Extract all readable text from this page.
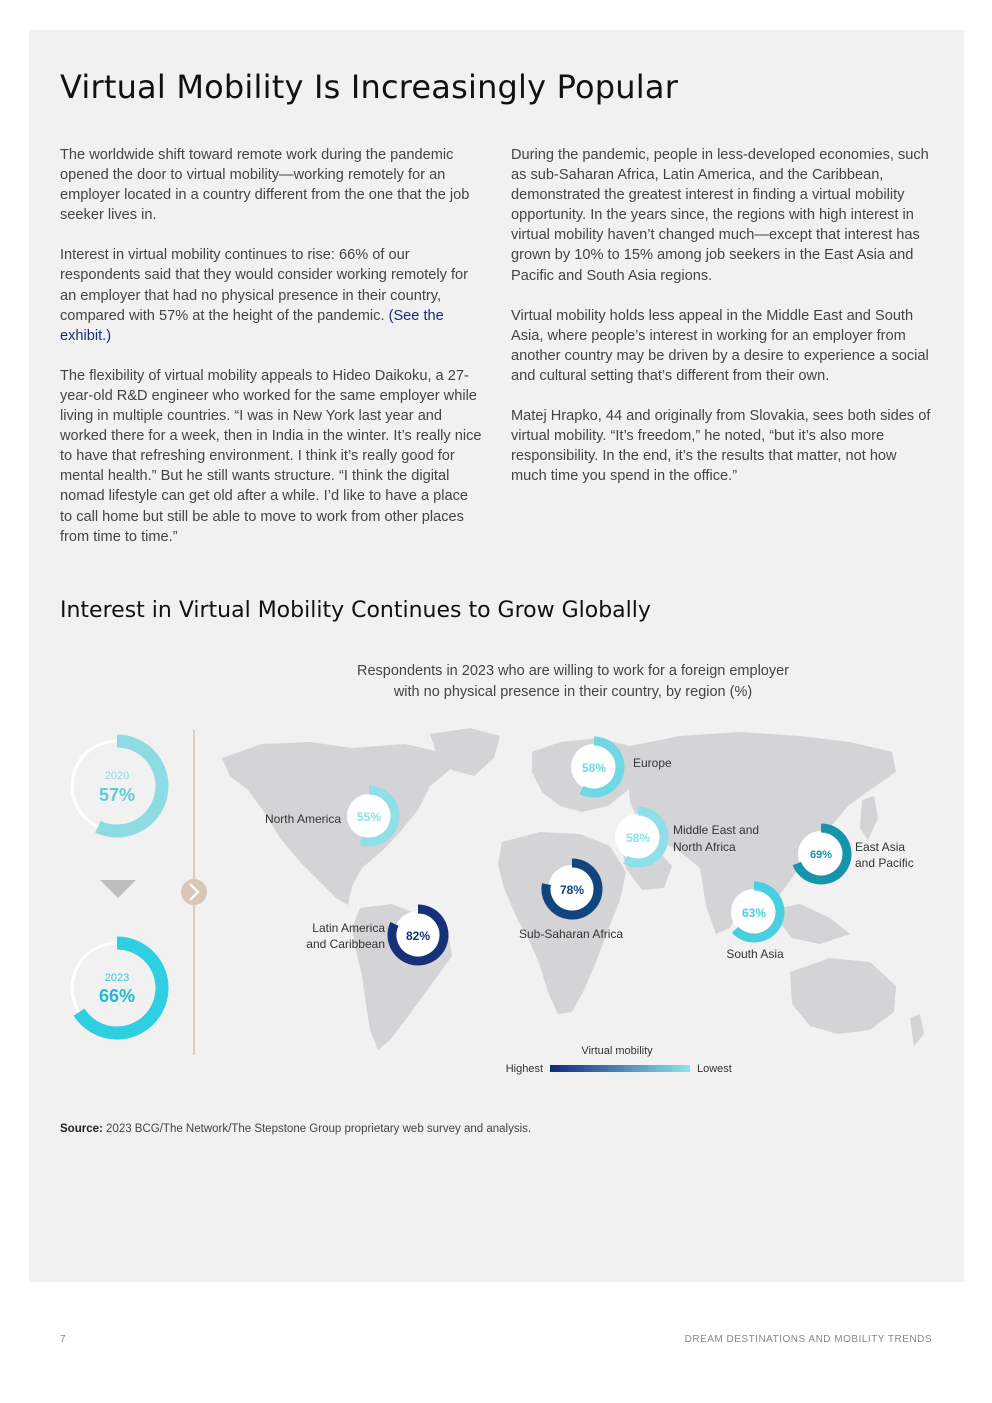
Virtual Mobility Is Increasingly Popular

The worldwide shift toward remote work during the pandemic opened the door to virtual mobility—working remotely for an employer located in a country different from the one that the job seeker lives in.

Interest in virtual mobility continues to rise: 66% of our respondents said that they would consider working remotely for an employer that had no physical presence in their country, compared with 57% at the height of the pandemic. (See the exhibit.)

The flexibility of virtual mobility appeals to Hideo Daikoku, a 27-year-old R&D engineer who worked for the same employer while living in multiple countries. “I was in New York last year and worked there for a week, then in India in the winter. It’s really nice to have that refreshing environment. I think it’s really good for mental health.” But he still wants structure. “I think the digital nomad lifestyle can get old after a while. I’d like to have a place to call home but still be able to move to work from other places from time to time.”

During the pandemic, people in less-developed economies, such as sub-Saharan Africa, Latin America, and the Caribbean, demonstrated the greatest interest in finding a virtual mobility opportunity. In the years since, the regions with high interest in virtual mobility haven’t changed much—except that interest has grown by 10% to 15% among job seekers in the East Asia and Pacific and South Asia regions.

Virtual mobility holds less appeal in the Middle East and South Asia, where people’s interest in working for an employer from another country may be driven by a desire to experience a social and cultural setting that’s different from their own.

Matej Hrapko, 44 and originally from Slovakia, sees both sides of virtual mobility. “It’s freedom,” he noted, “but it’s also more responsibility. In the end, it’s the results that matter, not how much time you spend in the office.”

Interest in Virtual Mobility Continues to Grow Globally
Respondents in 2023 who are willing to work for a foreign employer
with no physical presence in their country, by region (%)
2020
57%
2023
66%
55%
North America
58% Europe
58%
Middle East and
North Africa
69%
East Asia
and Pacific
78%
Sub-Saharan Africa
82%
Latin America
and Caribbean
63%
South Asia
Virtual mobility
Highest	Lowest
Source: 2023 BCG/The Network/The Stepstone Group proprietary web survey and analysis.
7	DREAM DESTINATIONS AND MOBILITY TRENDS
